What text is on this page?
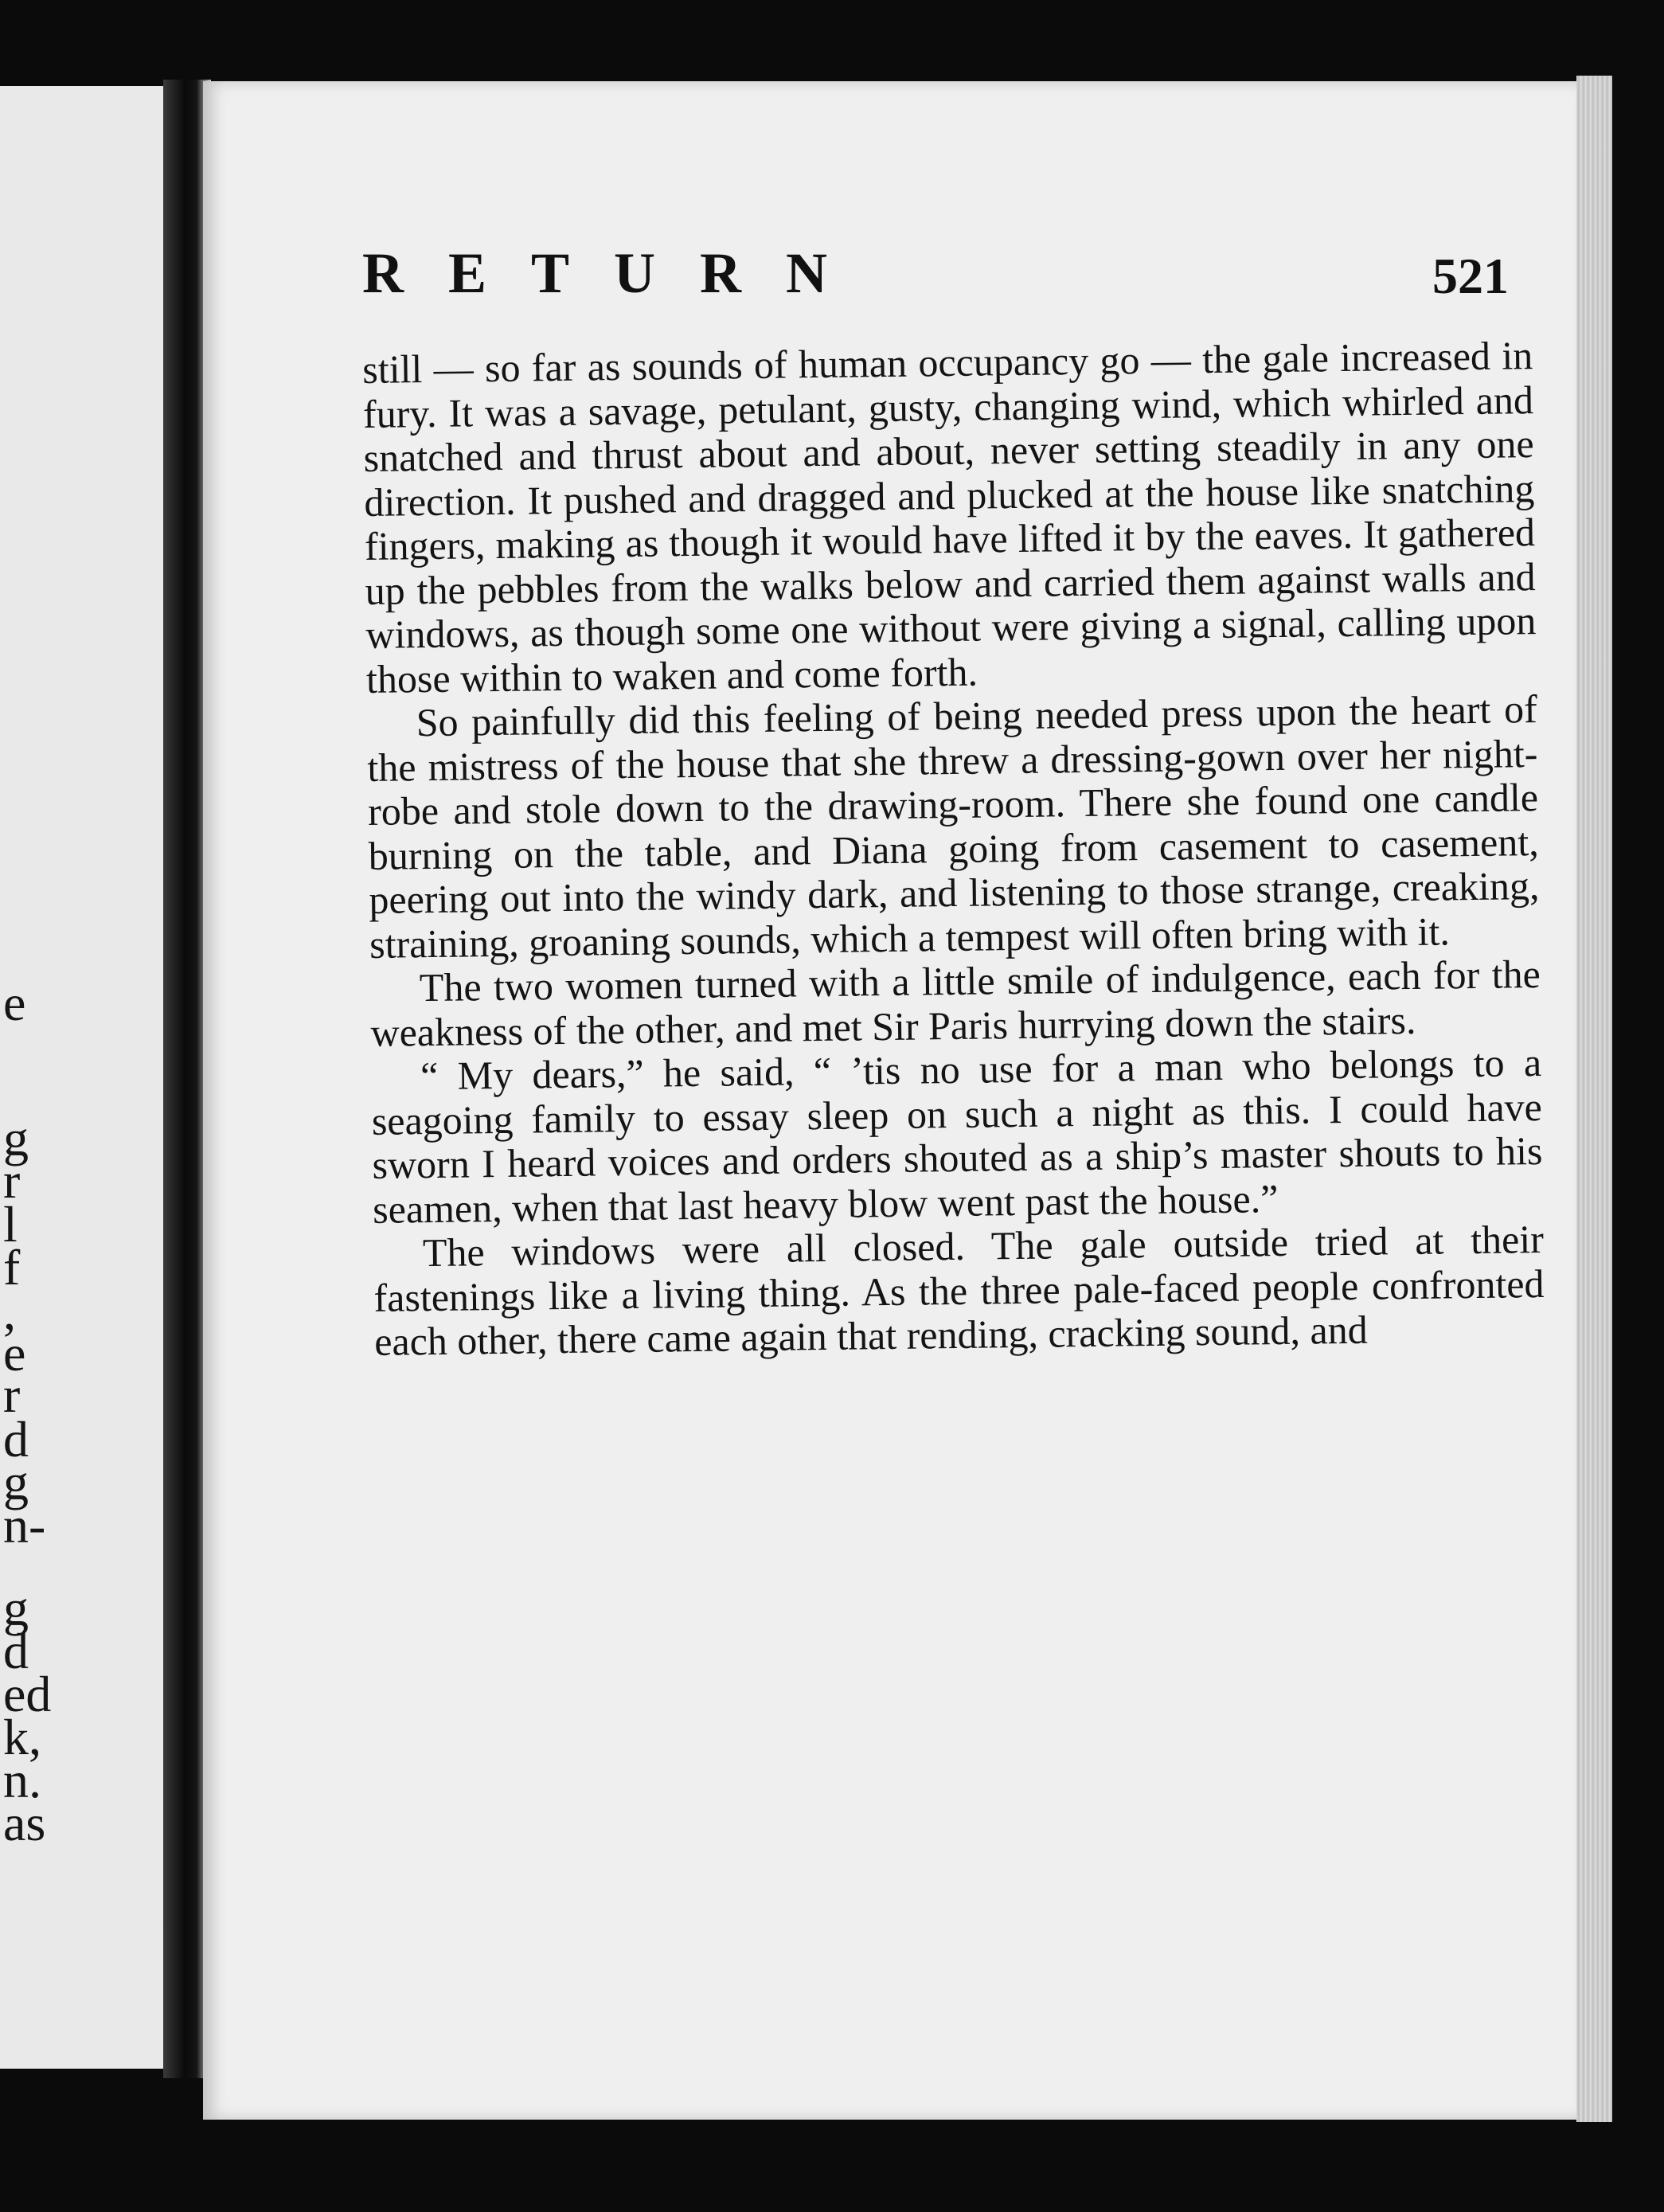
e
g
r
l
f
,
e
r
d
g
n-
g
d
ed
k,
n.
as
RETURN	521

still — so far as sounds of human occupancy go — the gale increased in fury. It was a savage, petulant, gusty, changing wind, which whirled and snatched and thrust about and about, never setting steadily in any one direction. It pushed and dragged and plucked at the house like snatching fingers, making as though it would have lifted it by the eaves. It gathered up the pebbles from the walks below and carried them against walls and windows, as though some one without were giving a signal, calling upon those within to waken and come forth.

So painfully did this feeling of being needed press upon the heart of the mistress of the house that she threw a dressing-gown over her night-robe and stole down to the drawing-room. There she found one candle burning on the table, and Diana going from casement to casement, peering out into the windy dark, and listening to those strange, creaking, straining, groaning sounds, which a tempest will often bring with it.

The two women turned with a little smile of indulgence, each for the weakness of the other, and met Sir Paris hurrying down the stairs.

“ My dears,” he said, “ ’tis no use for a man who belongs to a seagoing family to essay sleep on such a night as this. I could have sworn I heard voices and orders shouted as a ship’s master shouts to his seamen, when that last heavy blow went past the house.”

The windows were all closed. The gale outside tried at their fastenings like a living thing. As the three pale-faced people confronted each other, there came again that rending, cracking sound, and
